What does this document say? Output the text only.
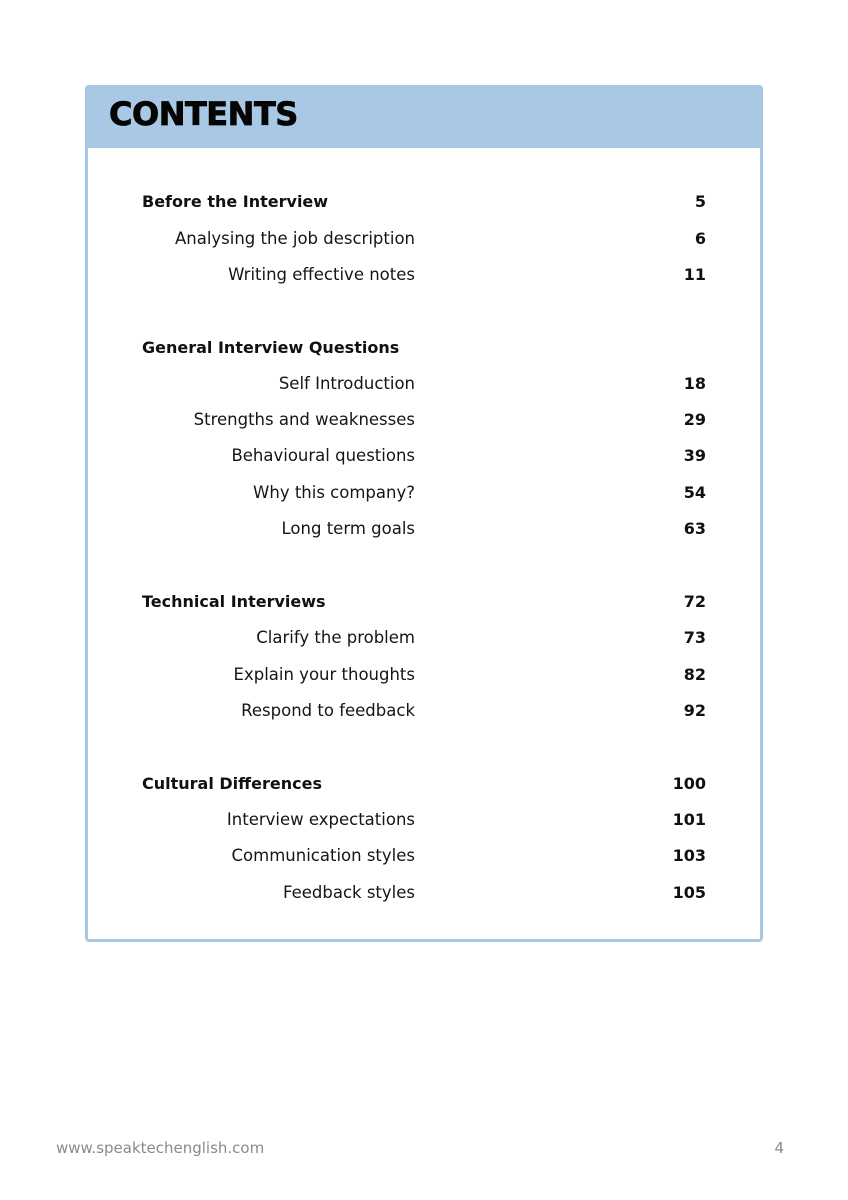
CONTENTS
Before the Interview	5
Analysing the job description	6
Writing effective notes	11
General Interview Questions
Self Introduction	18
Strengths and weaknesses	29
Behavioural questions	39
Why this company?	54
Long term goals	63
Technical Interviews	72
Clarify the problem	73
Explain your thoughts	82
Respond to feedback	92
Cultural Differences	100
Interview expectations	101
Communication styles	103
Feedback styles	105
www.speaktechenglish.com	4
